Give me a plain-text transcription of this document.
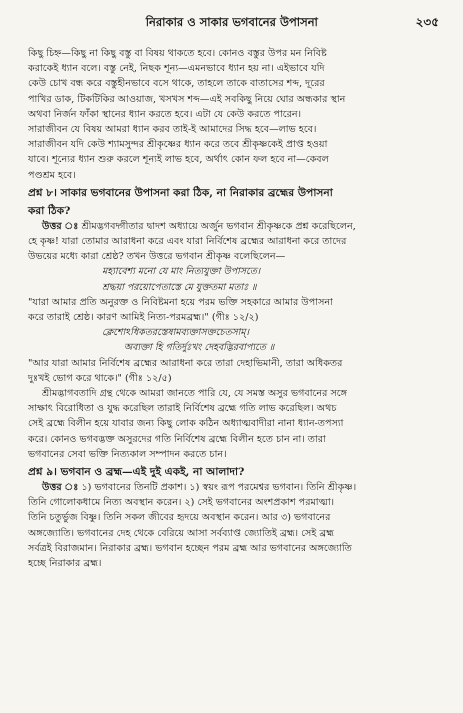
নিরাকার ও সাকার ভগবানের উপাসনা	২৩৫
কিছু চিহ্ন—কিছু না কিছু বস্তু বা বিষয় থাকতে হবে। কোনও বস্তুর উপর মন নিবিষ্ট
করাকেই ধ্যান বলে। বস্তু নেই, নিছক শূন্য—এমনভাবে ধ্যান হয় না। এইভাবে যদি
কেউ চোখ বন্ধ করে বস্তুহীনভাবে বসে থাকে, তাহলে তাকে বাতাসের শব্দ, দূরের
পাখির ডাক, টিকটিকির আওয়াজ, খসখস শব্দ—এই সবকিছু নিয়ে ঘোর অন্ধকার স্থান
অথবা নির্জন ফাঁকা স্থানের ধ্যান করতে হবে। এটা যে কেউ করতে পারেন।
সারাজীবন যে বিষয় আমরা ধ্যান করব তাই-ই আমাদের সিদ্ধ হবে—লাভ হবে।
সারাজীবন যদি কেউ শ্যামসুন্দর শ্রীকৃষ্ণের ধ্যান করে তবে শ্রীকৃষ্ণকেই প্রাপ্ত হওয়া
যাবে। শূন্যের ধ্যান শুরু করলে শূন্যই লাভ হবে, অর্থাৎ কোন ফল হবে না—কেবল
পণ্ডশ্রম হবে।
প্রশ্ন ৮। সাকার ভগবানের উপাসনা করা ঠিক, না নিরাকার ব্রহ্মের উপাসনা
করা ঠিক?
উত্তর ঃ শ্রীমদ্ভগবদ্গীতার দ্বাদশ অধ্যায়ে অর্জুন ভগবান শ্রীকৃষ্ণকে প্রশ্ন করেছিলেন,
হে কৃষ্ণ! যারা তোমার আরাধনা করে এবং যারা নির্বিশেষ ব্রহ্মের আরাধনা করে তাদের
উভয়ের মধ্যে কারা শ্রেষ্ঠ? তখন উত্তরে ভগবান শ্রীকৃষ্ণ বলেছিলেন—
মহ্যাবেশ্য মনো যে মাং নিত্যযুক্তা উপাসতে।
শ্রদ্ধয়া পরয়োপেতাস্তে মে যুক্ততমা মতাঃ ॥
"যারা আমার প্রতি অনুরক্ত ও নিবিষ্টমনা হয়ে পরম ভক্তি সহকারে আমার উপাসনা
করে তারাই শ্রেষ্ঠ। কারণ আমিই নিত্য-পরমব্রহ্ম।" (গীঃ ১২/২)
ক্লেশোঽধিকতরস্তেষামব্যক্তাসক্তচেতসাম্।
অব্যক্তা হি গতির্দুঃখং দেহবদ্ভিরবাপ্যতে ॥
"আর যারা আমার নির্বিশেষ ব্রহ্মের আরাধনা করে তারা দেহাভিমানী, তারা অধিকতর
দুঃখই ভোগ করে থাকে।" (গীঃ ১২/৫)
শ্রীমদ্ভাগবতাদি গ্রন্থ থেকে আমরা জানতে পারি যে, যে সমস্ত অসুর ভগবানের সঙ্গে
সাক্ষাৎ বিরোধিতা ও যুদ্ধ করেছিল তারাই নির্বিশেষ ব্রহ্মে গতি লাভ করেছিল। অথচ
সেই ব্রহ্মে বিলীন হয়ে যাবার জন্য কিছু লোক কঠিন অধ্যাত্মবাদীরা নানা ধ্যান-তপস্যা
করে। কোনও ভগবদ্ভক্ত অসুরদের গতি নির্বিশেষ ব্রহ্মে বিলীন হতে চান না। তারা
ভগবানের সেবা ভক্তি নিত্যকাল সম্পাদন করতে চান।
প্রশ্ন ৯। ভগবান ও ব্রহ্ম—এই দুই একই, না আলাদা?
উত্তর ঃ ১) ভগবানের তিনটি প্রকাশ। ১) স্বয়ং রূপ পরমেশ্বর ভগবান। তিনি শ্রীকৃষ্ণ।
তিনি গোলোকধামে নিত্য অবস্থান করেন। ২) সেই ভগবানের অংশপ্রকাশ পরমাত্মা।
তিনি চতুর্ভুজ বিষ্ণু। তিনি সকল জীবের হৃদয়ে অবস্থান করেন। আর ৩) ভগবানের
অঙ্গজ্যোতি। ভগবানের দেহ থেকে বেরিয়ে আসা সর্বব্যাপ্ত জ্যোতিই ব্রহ্ম। সেই ব্রহ্ম
সর্বত্রই বিরাজমান। নিরাকার ব্রহ্ম। ভগবান হচ্ছেন পরম ব্রহ্ম আর ভগবানের অঙ্গজ্যোতি
হচ্ছে নিরাকার ব্রহ্ম।
